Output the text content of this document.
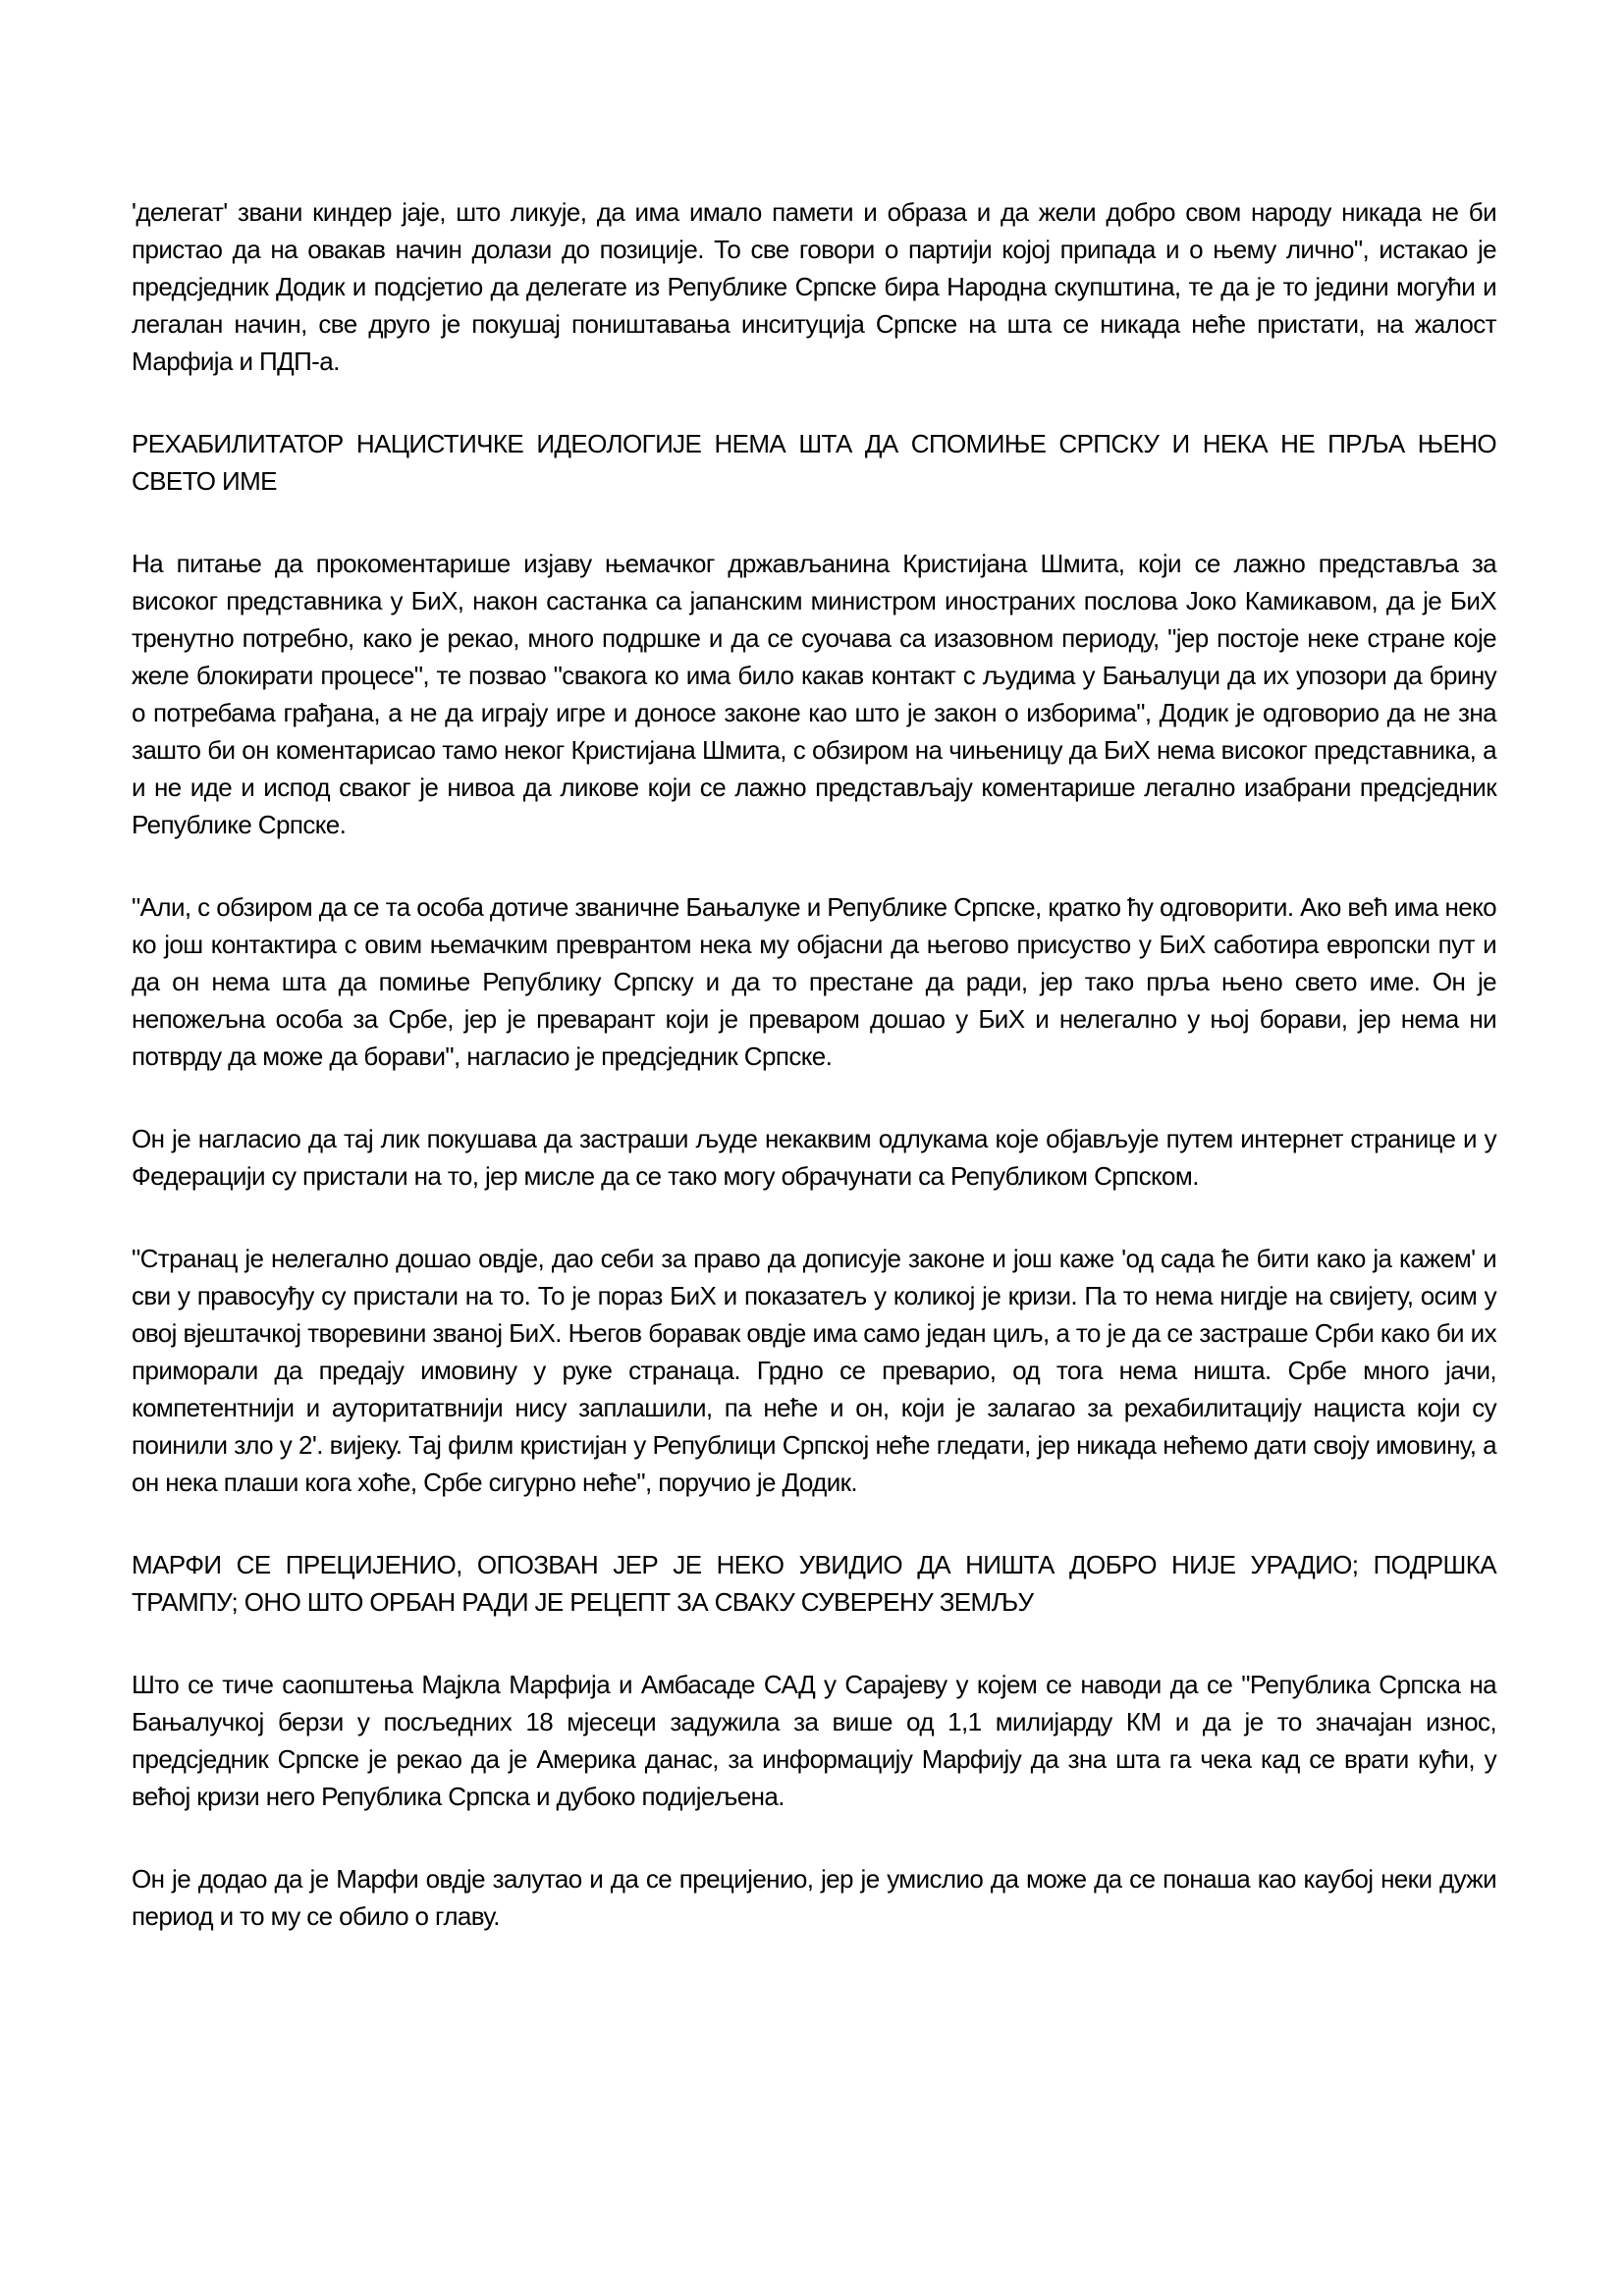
'делегат' звани киндер јаје, што ликује, да има имало памети и образа и да жели добро свом народу никада не би пристао да на овакав начин долази до позиције. То све говори о партији којој припада и о њему лично", истакао је предсједник Додик и подсјетио да делегате из Републике Српске бира Народна скупштина, те да је то једини могући и легалан начин, све друго је покушај поништавања инситуција Српске на шта се никада неће пристати, на жалост Марфија и ПДП-а.

РЕХАБИЛИТАТОР НАЦИСТИЧКЕ ИДЕОЛОГИЈЕ НЕМА ШТА ДА СПОМИЊЕ СРПСКУ И НЕКА НЕ ПРЉА ЊЕНО СВЕТО ИМЕ

На питање да прокоментарише изјаву њемачког држављанина Кристијана Шмита, који се лажно представља за високог представника у БиХ, након састанка са јапанским министром иностраних послова Јоко Камикавом, да је БиХ тренутно потребно, како је рекао, много подршке и да се суочава са изазовном периоду, "јер постоје неке стране које желе блокирати процесе", те позвао "свакога ко има било какав контакт с људима у Бањалуци да их упозори да брину о потребама грађана, а не да играју игре и доносе законе као што је закон о изборима", Додик је одговорио да не зна зашто би он коментарисао тамо неког Кристијана Шмита, с обзиром на чињеницу да БиХ нема високог представника, а и не иде и испод сваког је нивоа да ликове који се лажно представљају коментарише легално изабрани предсједник Републике Српске.

"Али, с обзиром да се та особа дотиче званичне Бањалуке и Републике Српске, кратко ћу одговорити. Ако већ има неко ко још контактира с овим њемачким преврантом нека му објасни да његово присуство у БиХ саботира европски пут и да он нема шта да помиње Републику Српску и да то престане да ради, јер тако прља њено свето име. Он је непожељна особа за Србе, јер је преварант који је преваром дошао у БиХ и нелегално у њој борави, јер нема ни потврду да може да борави", нагласио је предсједник Српске.

Он је нагласио да тај лик покушава да застраши људе некаквим одлукама које објављује путем интернет странице и у Федерацији су пристали на то, јер мисле да се тако могу обрачунати са Републиком Српском.

"Странац је нелегално дошао овдје, дао себи за право да дописује законе и још каже 'од сада ће бити како ја кажем' и сви у правосуђу су пристали на то. То је пораз БиХ и показатељ у коликој је кризи. Па то нема нигдје на свијету, осим у овој вјештачкој творевини званој БиХ. Његов боравак овдје има само један циљ, а то је да се застраше Срби како би их приморали да предају имовину у руке странаца. Грдно се преварио, од тога нема ништа. Србе много јачи, компетентнији и ауторитатвнији нису заплашили, па неће и он, који је залагао за рехабилитацију нациста који су поинили зло у 2'. вијеку. Тај филм кристијан у Републици Српској неће гледати, јер никада нећемо дати своју имовину, а он нека плаши кога хоће, Србе сигурно неће", поручио је Додик.

МАРФИ СЕ ПРЕЦИЈЕНИО, ОПОЗВАН ЈЕР ЈЕ НЕКО УВИДИО ДА НИШТА ДОБРО НИЈЕ УРАДИО; ПОДРШКА ТРАМПУ; ОНО ШТО ОРБАН РАДИ ЈЕ РЕЦЕПТ ЗА СВАКУ СУВЕРЕНУ ЗЕМЉУ

Што се тиче саопштења Мајкла Марфија и Амбасаде САД у Сарајеву у којем се наводи да се "Република Српска на Бањалучкој берзи у посљедних 18 мјесеци задужила за више од 1,1 милијарду КМ и да је то значајан износ, предсједник Српске је рекао да је Америка данас, за информацију Марфију да зна шта га чека кад се врати кући, у већој кризи него Република Српска и дубоко подијељена.

Он је додао да је Марфи овдје залутао и да се прецијенио, јер је умислио да може да се понаша као каубој неки дужи период и то му се обило о главу.
